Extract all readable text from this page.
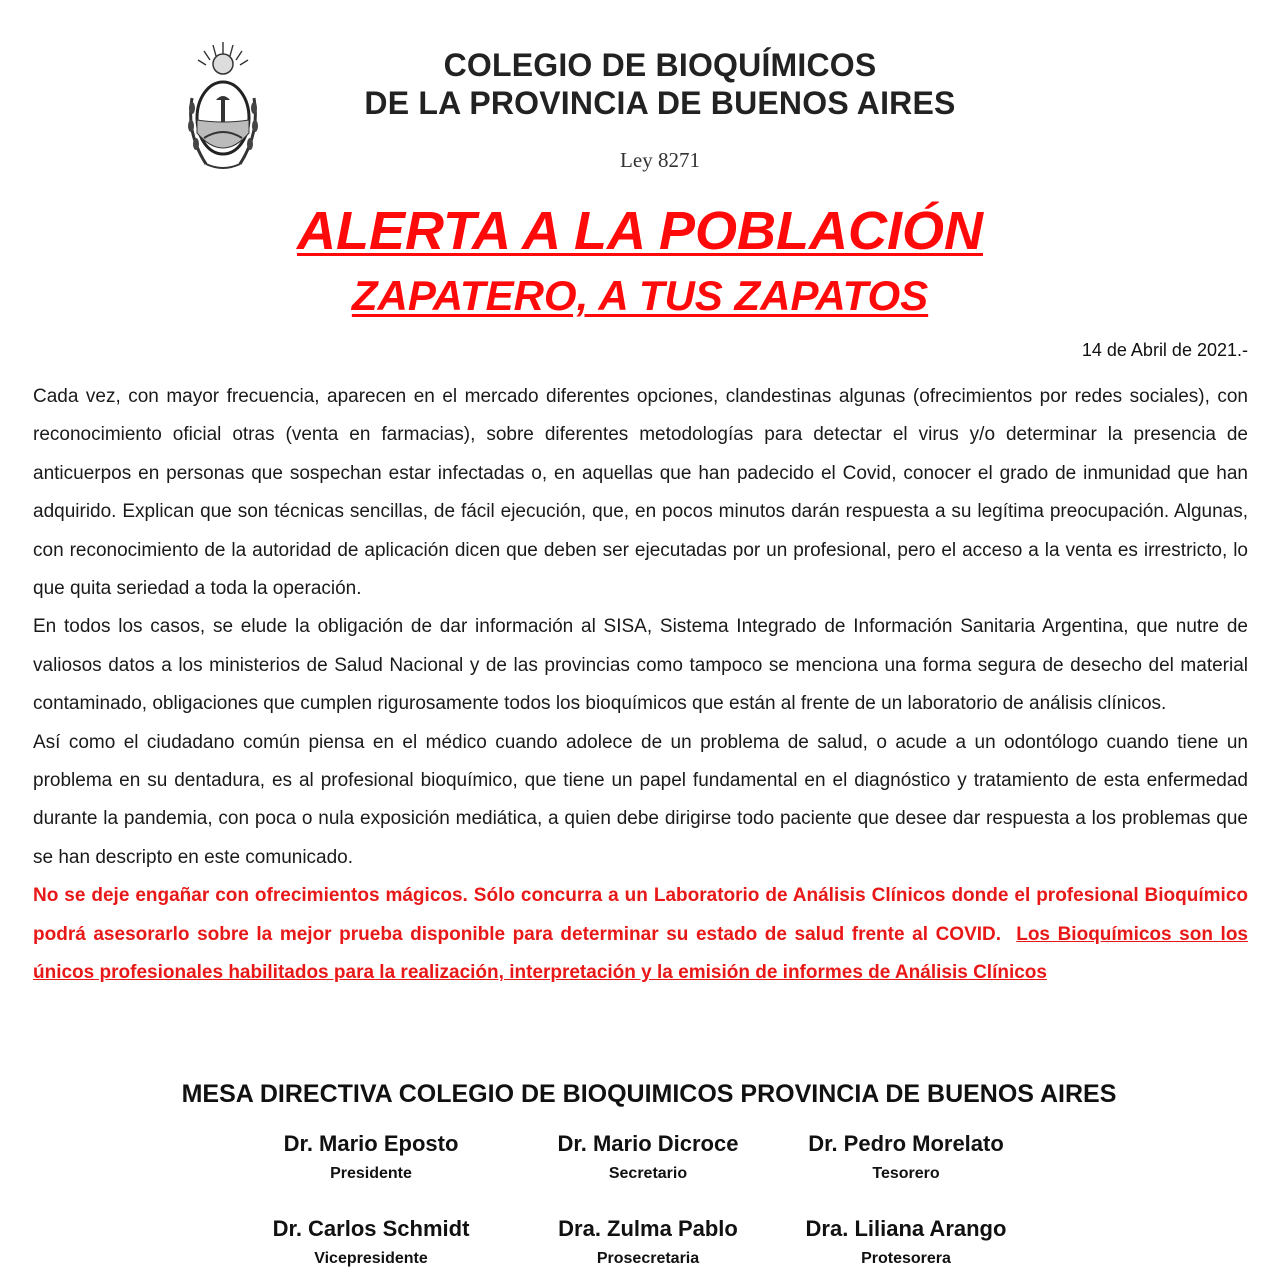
COLEGIO DE BIOQUÍMICOS
DE LA PROVINCIA DE BUENOS AIRES
Ley 8271
ALERTA A LA POBLACIÓN
ZAPATERO, A TUS ZAPATOS
14 de Abril de 2021.-

Cada vez, con mayor frecuencia, aparecen en el mercado diferentes opciones, clandestinas algunas (ofrecimientos por redes sociales), con reconocimiento oficial otras (venta en farmacias), sobre diferentes metodologías para detectar el virus y/o determinar la presencia de anticuerpos en personas que sospechan estar infectadas o, en aquellas que han padecido el Covid, conocer el grado de inmunidad que han adquirido. Explican que son técnicas sencillas, de fácil ejecución, que, en pocos minutos darán respuesta a su legítima preocupación. Algunas, con reconocimiento de la autoridad de aplicación dicen que deben ser ejecutadas por un profesional, pero el acceso a la venta es irrestricto, lo que quita seriedad a toda la operación.

En todos los casos, se elude la obligación de dar información al SISA, Sistema Integrado de Información Sanitaria Argentina, que nutre de valiosos datos a los ministerios de Salud Nacional y de las provincias como tampoco se menciona una forma segura de desecho del material contaminado, obligaciones que cumplen rigurosamente todos los bioquímicos que están al frente de un laboratorio de análisis clínicos.

Así como el ciudadano común piensa en el médico cuando adolece de un problema de salud, o acude a un odontólogo cuando tiene un problema en su dentadura, es al profesional bioquímico, que tiene un papel fundamental en el diagnóstico y tratamiento de esta enfermedad durante la pandemia, con poca o nula exposición mediática, a quien debe dirigirse todo paciente que desee dar respuesta a los problemas que se han descripto en este comunicado.

No se deje engañar con ofrecimientos mágicos. Sólo concurra a un Laboratorio de Análisis Clínicos donde el profesional Bioquímico podrá asesorarlo sobre la mejor prueba disponible para determinar su estado de salud frente al COVID. Los Bioquímicos son los únicos profesionales habilitados para la realización, interpretación y la emisión de informes de Análisis Clínicos

MESA DIRECTIVA COLEGIO DE BIOQUIMICOS PROVINCIA DE BUENOS AIRES
Dr. Mario Eposto
Presidente
Dr. Mario Dicroce
Secretario
Dr. Pedro Morelato
Tesorero
Dr. Carlos Schmidt
Vicepresidente
Dra. Zulma Pablo
Prosecretaria
Dra. Liliana Arango
Protesorera
